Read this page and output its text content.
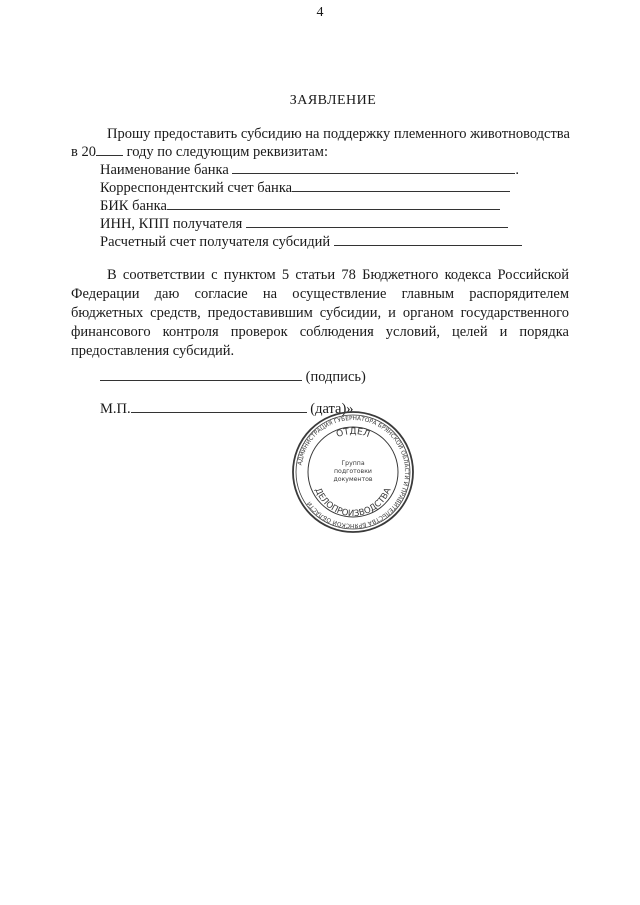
4
ЗАЯВЛЕНИЕ
Прошу предоставить субсидию на поддержку племенного животноводства
в 20 году по следующим реквизитам:
Наименование банка	.
Корреспондентский счет банка
БИК банка
ИНН, КПП получателя
Расчетный счет получателя субсидий
В соответствии с пунктом 5 статьи 78 Бюджетного кодекса Российской Федерации даю согласие на осуществление главным распорядителем бюджетных средств, предоставившим субсидии, и органом государственного финансового контроля проверок соблюдения условий, целей и порядка предоставления субсидий.
(подпись)
М.П.	(дата)»
АДМИНИСТРАЦИЯ ГУБЕРНАТОРА БРЯНСКОЙ ОБЛАСТИ И ПРАВИТЕЛЬСТВА БРЯНСКОЙ ОБЛАСТИ
ОТДЕЛ
ДЕЛОПРОИЗВОДСТВА
Группа
подготовки
документов
